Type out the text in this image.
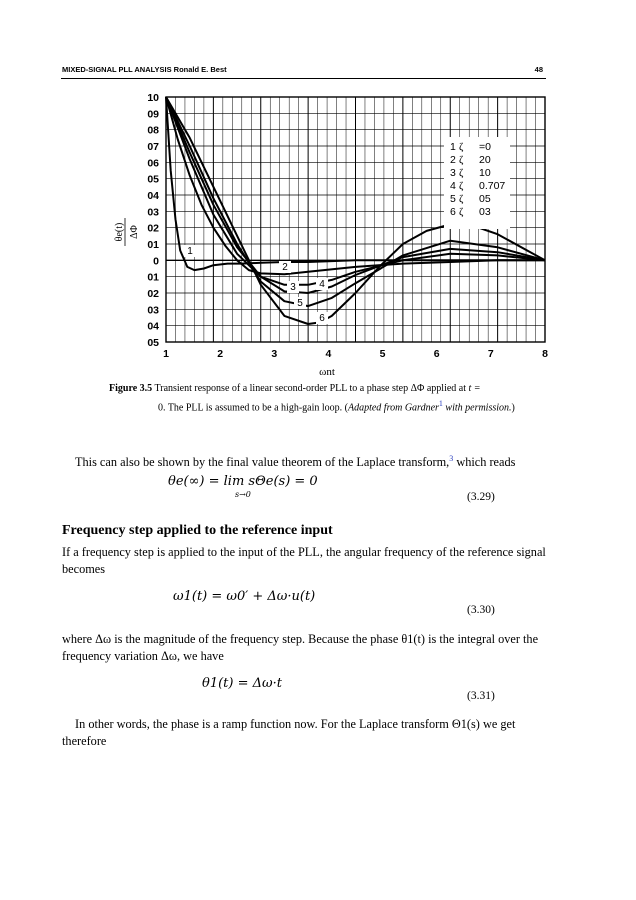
MIXED-SIGNAL PLL ANALYSIS Ronald E. Best	48
10
09
08
07
06
05
04
03
02
01
0
01
02
03
04
05
1	2	3	4	5	6	7	8
1
2
3 4
5
6
1 ζ =0
2 ζ 20
3 ζ 10
4 ζ 0.707
5 ζ 05
6 ζ 03
θe(t) ΔΦ
ωnt
Figure 3.5 Transient response of a linear second-order PLL to a phase step ΔΦ applied at t =
0. The PLL is assumed to be a high-gain loop. (Adapted from Gardner$^1$ with permission.)
This can also be shown by the final value theorem of the Laplace transform,$^3$ which reads
θe(∞) = lim sΘe(s) = 0
s→0	(3.29)
Frequency step applied to the reference input
If a frequency step is applied to the input of the PLL, the angular frequency of the reference signal becomes
ω1(t) = ω0′ + Δω·u(t)
(3.30)
where Δω is the magnitude of the frequency step. Because the phase θ1(t) is the integral over the frequency variation Δω, we have
θ1(t) = Δω·t
(3.31)
In other words, the phase is a ramp function now. For the Laplace transform Θ1(s) we get therefore
